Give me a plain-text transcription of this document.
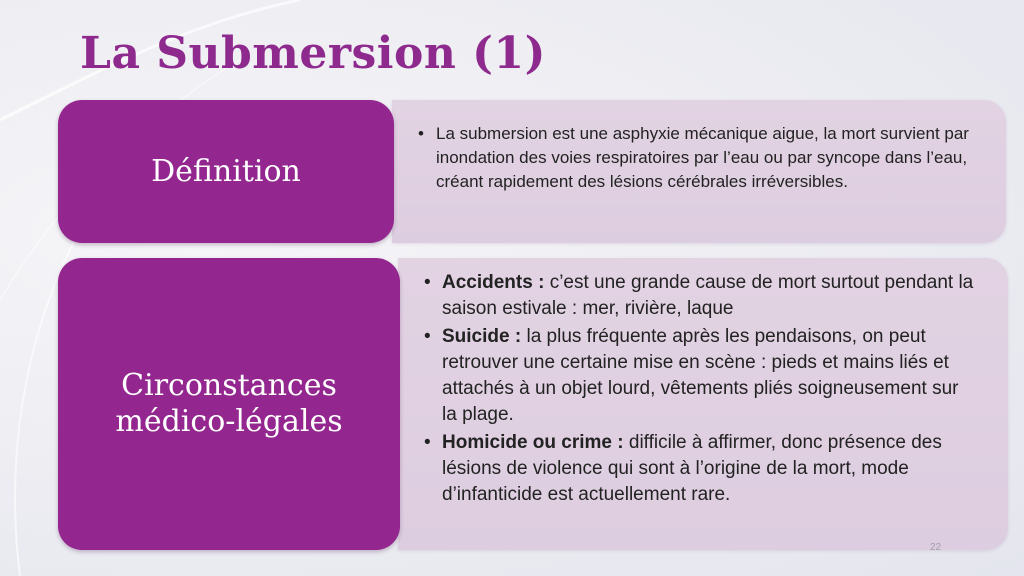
La Submersion (1)
• La submersion est une asphyxie mécanique aigue, la mort survient par inondation des voies respiratoires par l’eau ou par syncope dans l’eau, créant rapidement des lésions cérébrales irréversibles.
Définition
• Accidents : c’est une grande cause de mort surtout pendant la saison estivale : mer, rivière, laque
• Suicide : la plus fréquente après les pendaisons, on peut retrouver une certaine mise en scène : pieds et mains liés et attachés à un objet lourd, vêtements pliés soigneusement sur la plage.
• Homicide ou crime : difficile à affirmer, donc présence des lésions de violence qui sont à l’origine de la mort, mode d’infanticide est actuellement rare.
Circonstances
médico-légales
22
